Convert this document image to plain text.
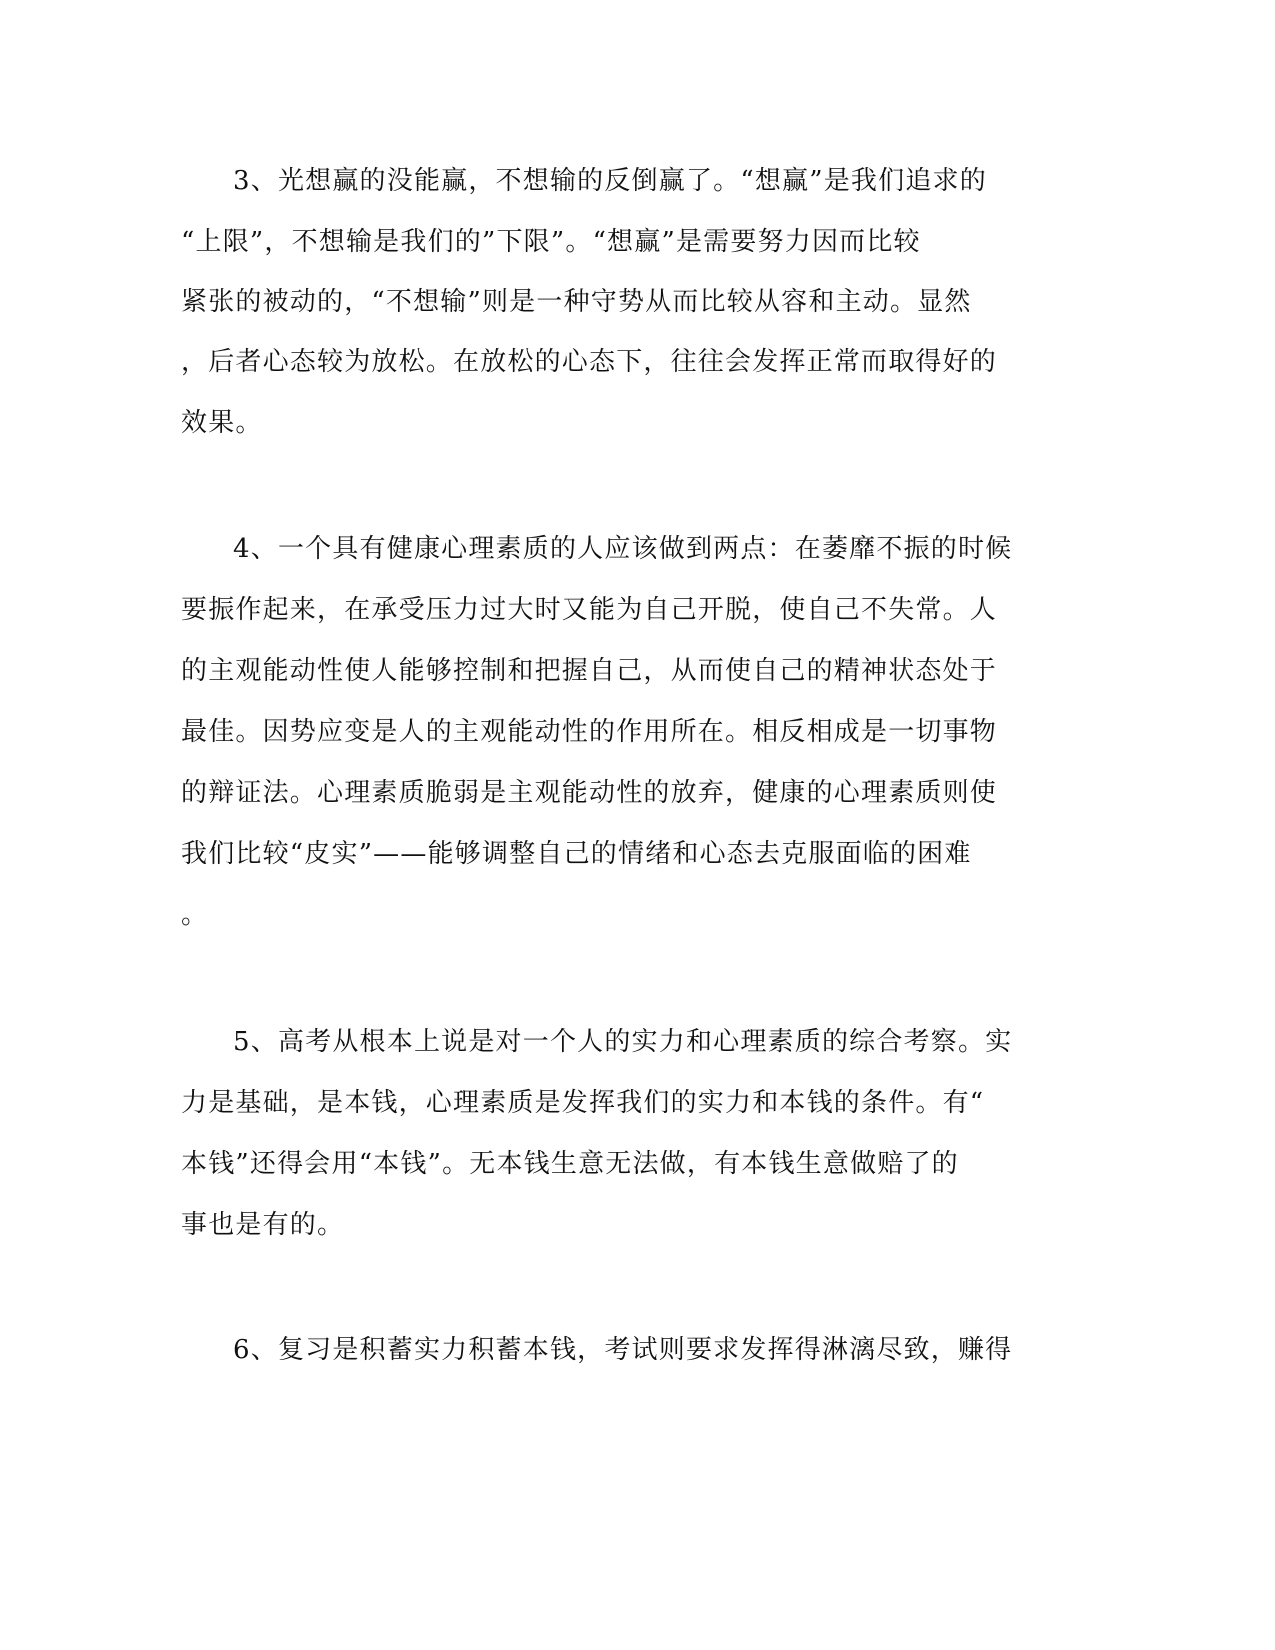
3、光想赢的没能赢，不想输的反倒赢了。“想赢”是我们追求的

“上限”，不想输是我们的”下限”。“想赢”是需要努力因而比较

紧张的被动的，“不想输”则是一种守势从而比较从容和主动。显然

，后者心态较为放松。在放松的心态下，往往会发挥正常而取得好的

效果。

4、一个具有健康心理素质的人应该做到两点：在萎靡不振的时候

要振作起来，在承受压力过大时又能为自己开脱，使自己不失常。人

的主观能动性使人能够控制和把握自己，从而使自己的精神状态处于

最佳。因势应变是人的主观能动性的作用所在。相反相成是一切事物

的辩证法。心理素质脆弱是主观能动性的放弃，健康的心理素质则使

我们比较“皮实”——能够调整自己的情绪和心态去克服面临的困难

。

5、高考从根本上说是对一个人的实力和心理素质的综合考察。实

力是基础，是本钱，心理素质是发挥我们的实力和本钱的条件。有“

本钱”还得会用“本钱”。无本钱生意无法做，有本钱生意做赔了的

事也是有的。

6、复习是积蓄实力积蓄本钱，考试则要求发挥得淋漓尽致，赚得
